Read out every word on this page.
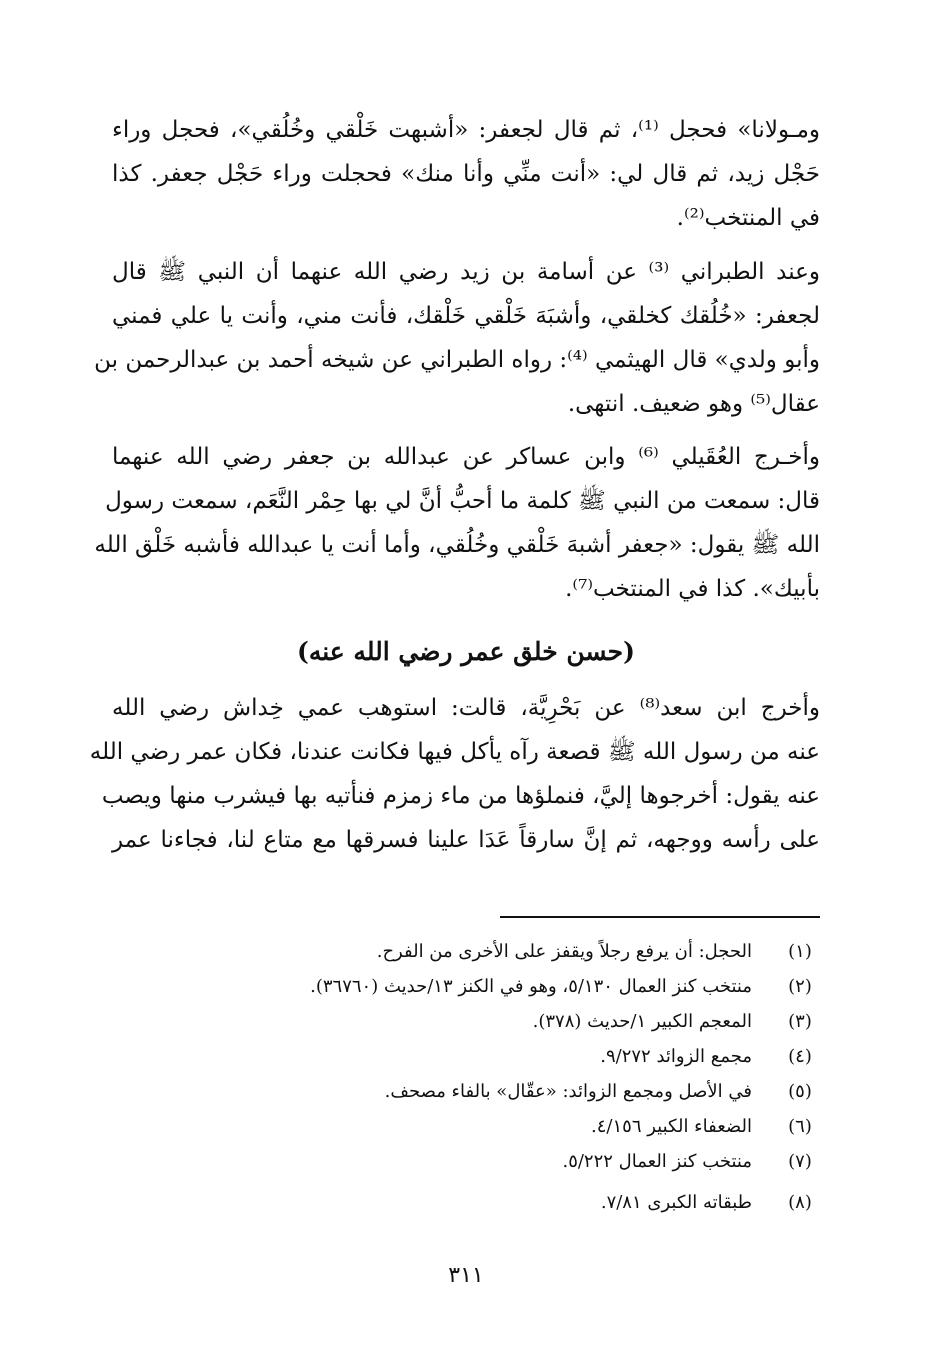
ومـولانا» فحجل ⁽¹⁾، ثم قال لجعفر: «أشبهت خَلْقي وخُلُقي»، فحجل وراء
حَجْل زيد، ثم قال لي: «أنت منِّي وأنا منك» فحجلت وراء حَجْل جعفر. كذا
في المنتخب⁽²⁾.
وعند الطبراني ⁽³⁾ عن أسامة بن زيد رضي الله عنهما أن النبي ﷺ قال
لجعفر: «خُلُقك كخلقي، وأشبَهَ خَلْقي خَلْقك، فأنت مني، وأنت يا علي فمني
وأبو ولدي» قال الهيثمي ⁽⁴⁾: رواه الطبراني عن شيخه أحمد بن عبدالرحمن بن
عقال⁽⁵⁾ وهو ضعيف. انتهى.
وأخـرج العُقَيلي ⁽⁶⁾ وابن عساكر عن عبدالله بن جعفر رضي الله عنهما
قال: سمعت من النبي ﷺ كلمة ما أحبُّ أنَّ لي بها حِمْر النَّعَم، سمعت رسول
الله ﷺ يقول: «جعفر أشبهَ خَلْقي وخُلُقي، وأما أنت يا عبدالله فأشبه خَلْق الله
بأبيك». كذا في المنتخب⁽⁷⁾.
(حسن خلق عمر رضي الله عنه)
وأخرج ابن سعد⁽⁸⁾ عن بَحْرِيَّة، قالت: استوهب عمي خِداش رضي الله
عنه من رسول الله ﷺ قصعة رآه يأكل فيها فكانت عندنا، فكان عمر رضي الله
عنه يقول: أخرجوها إليَّ، فنملؤها من ماء زمزم فنأتيه بها فيشرب منها ويصب
على رأسه ووجهه، ثم إنَّ سارقاً عَدَا علينا فسرقها مع متاع لنا، فجاءنا عمر
(١)
الحجل: أن يرفع رجلاً ويقفز على الأخرى من الفرح.
(٢)
منتخب كنز العمال ٥/١٣٠، وهو في الكنز ١٣/حديث (٣٦٧٦٠).
(٣)
المعجم الكبير ١/حديث (٣٧٨).
(٤)
مجمع الزوائد ٩/٢٧٢.
(٥)
في الأصل ومجمع الزوائد: «عقّال» بالفاء مصحف.
(٦)
الضعفاء الكبير ٤/١٥٦.
(٧)
منتخب كنز العمال ٥/٢٢٢.
(٨)
طبقاته الكبرى ٧/٨١.
٣١١
